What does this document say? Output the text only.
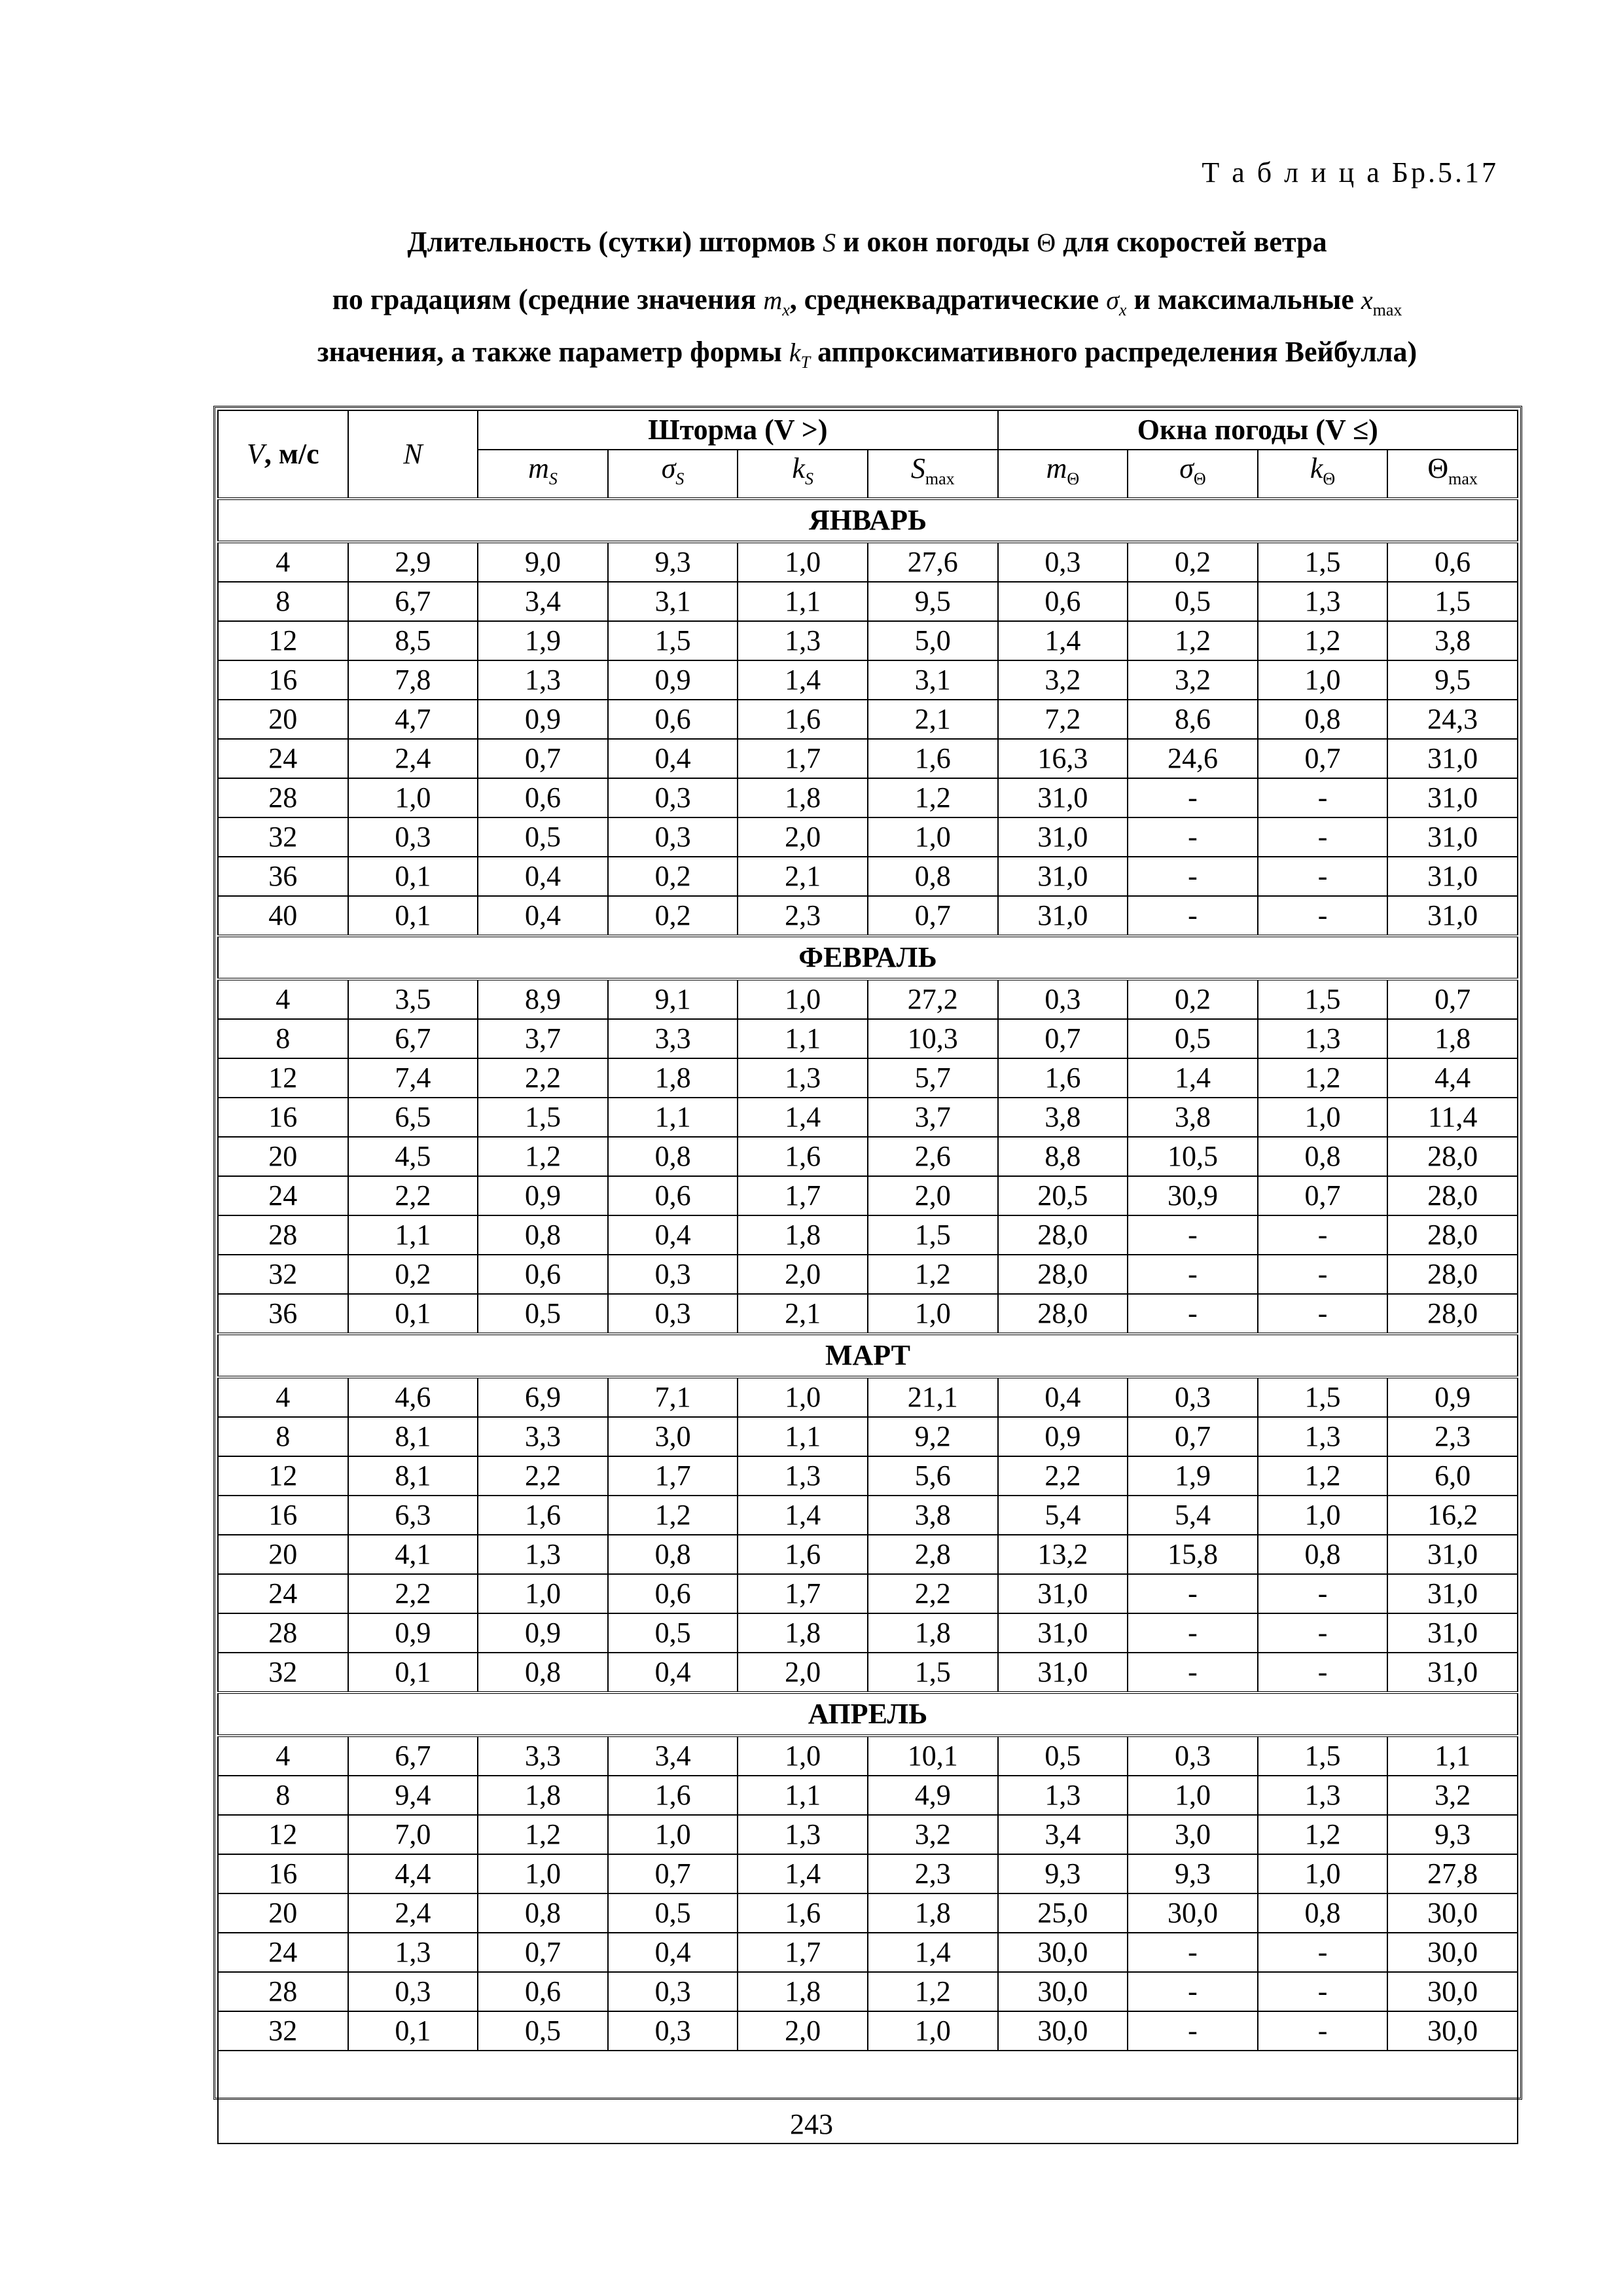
Т а б л и ц а Бр.5.17
Длительность (сутки) штормов S и окон погоды Θ для скоростей ветра
по градациям (средние значения $m_x$, среднеквадратические $\sigma_x$ и максимальные $x_{max}$
значения, а также параметр формы $k_T$ аппроксимативного распределения Вейбулла)
V, м/с	N	Шторма (V >)				Окна погоды (V ≤)			
		$m_S$	$\sigma_S$	$k_S$	$S_{max}$	$m_\Theta$	$\sigma_\Theta$	$k_\Theta$	$\Theta_{max}$
ЯНВАРЬ									
4	2,9	9,0	9,3	1,0	27,6	0,3	0,2	1,5	0,6
8	6,7	3,4	3,1	1,1	9,5	0,6	0,5	1,3	1,5
12	8,5	1,9	1,5	1,3	5,0	1,4	1,2	1,2	3,8
16	7,8	1,3	0,9	1,4	3,1	3,2	3,2	1,0	9,5
20	4,7	0,9	0,6	1,6	2,1	7,2	8,6	0,8	24,3
24	2,4	0,7	0,4	1,7	1,6	16,3	24,6	0,7	31,0
28	1,0	0,6	0,3	1,8	1,2	31,0	-	-	31,0
32	0,3	0,5	0,3	2,0	1,0	31,0	-	-	31,0
36	0,1	0,4	0,2	2,1	0,8	31,0	-	-	31,0
40	0,1	0,4	0,2	2,3	0,7	31,0	-	-	31,0
ФЕВРАЛЬ									
4	3,5	8,9	9,1	1,0	27,2	0,3	0,2	1,5	0,7
8	6,7	3,7	3,3	1,1	10,3	0,7	0,5	1,3	1,8
12	7,4	2,2	1,8	1,3	5,7	1,6	1,4	1,2	4,4
16	6,5	1,5	1,1	1,4	3,7	3,8	3,8	1,0	11,4
20	4,5	1,2	0,8	1,6	2,6	8,8	10,5	0,8	28,0
24	2,2	0,9	0,6	1,7	2,0	20,5	30,9	0,7	28,0
28	1,1	0,8	0,4	1,8	1,5	28,0	-	-	28,0
32	0,2	0,6	0,3	2,0	1,2	28,0	-	-	28,0
36	0,1	0,5	0,3	2,1	1,0	28,0	-	-	28,0
МАРТ									
4	4,6	6,9	7,1	1,0	21,1	0,4	0,3	1,5	0,9
8	8,1	3,3	3,0	1,1	9,2	0,9	0,7	1,3	2,3
12	8,1	2,2	1,7	1,3	5,6	2,2	1,9	1,2	6,0
16	6,3	1,6	1,2	1,4	3,8	5,4	5,4	1,0	16,2
20	4,1	1,3	0,8	1,6	2,8	13,2	15,8	0,8	31,0
24	2,2	1,0	0,6	1,7	2,2	31,0	-	-	31,0
28	0,9	0,9	0,5	1,8	1,8	31,0	-	-	31,0
32	0,1	0,8	0,4	2,0	1,5	31,0	-	-	31,0
АПРЕЛЬ									
4	6,7	3,3	3,4	1,0	10,1	0,5	0,3	1,5	1,1
8	9,4	1,8	1,6	1,1	4,9	1,3	1,0	1,3	3,2
12	7,0	1,2	1,0	1,3	3,2	3,4	3,0	1,2	9,3
16	4,4	1,0	0,7	1,4	2,3	9,3	9,3	1,0	27,8
20	2,4	0,8	0,5	1,6	1,8	25,0	30,0	0,8	30,0
24	1,3	0,7	0,4	1,7	1,4	30,0	-	-	30,0
28	0,3	0,6	0,3	1,8	1,2	30,0	-	-	30,0
32	0,1	0,5	0,3	2,0	1,0	30,0	-	-	30,0

243
